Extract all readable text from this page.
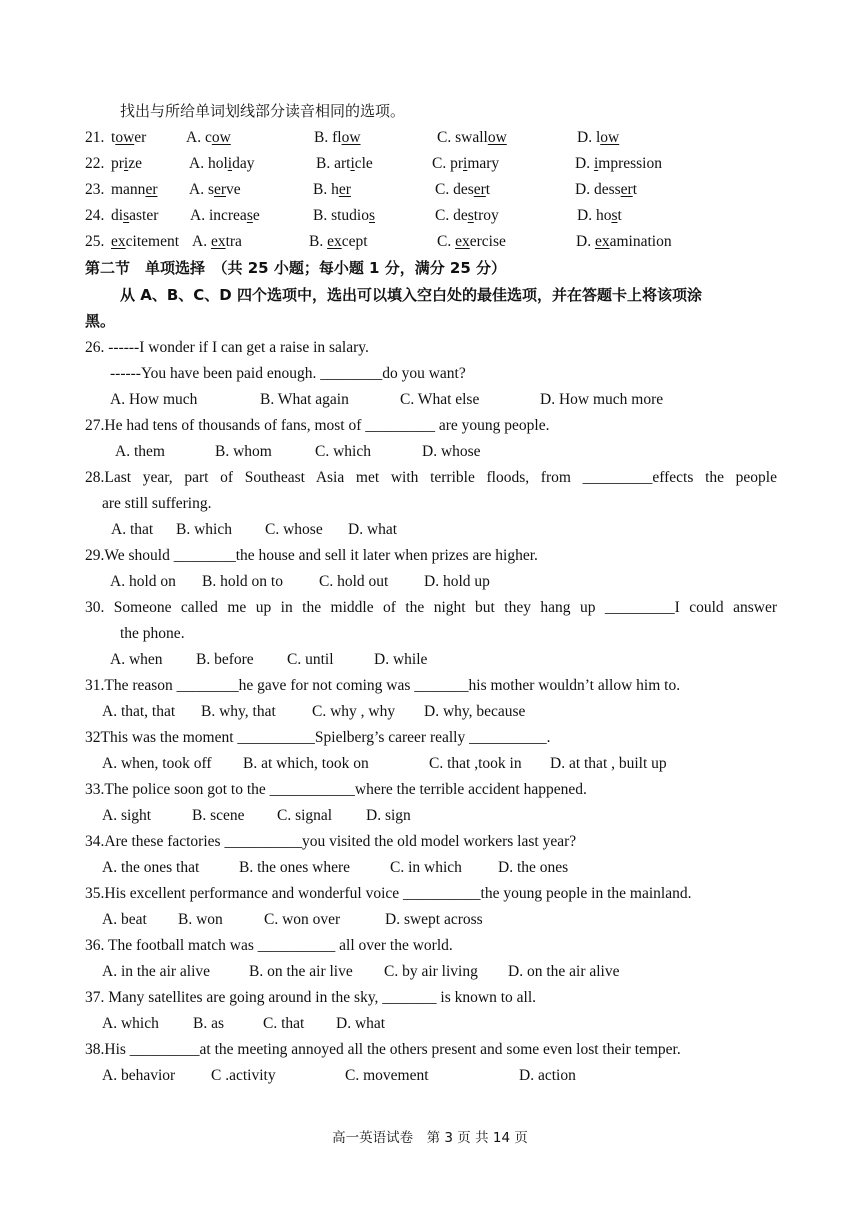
找出与所给单词划线部分读音相同的选项。
21. tower	A. cow	B. flow	C. swallow	D. low
22. prize	A. holiday	B. article	C. primary	D. impression
23. manner A. serve	B. her	C. desert	D. dessert
24. disaster A. increase	B. studios	C. destroy	D. host
25. excitement A. extra	B. except	C. exercise	D. examination
第二节　单项选择　（共 25 小题；每小题 1 分，满分 25 分）
从 A、B、C、D 四个选项中，选出可以填入空白处的最佳选项，并在答题卡上将该项涂
黑。
26. ------I wonder if I can get a raise in salary.
------You have been paid enough. ________do you want?
A. How much	B. What again	C. What else	D. How much more
27.He had tens of thousands of fans, most of _________ are young people.
A. them	B. whom	C. which	D. whose
28.Last year, part of Southeast Asia met with terrible floods, from _________effects the people
are still suffering.
A. that B. which C. whose D. what
29.We should ________the house and sell it later when prizes are higher.
A. hold on B. hold on to C. hold out D. hold up
30. Someone called me up in the middle of the night but they hang up _________I could answer
the phone.
A. when B. before C. until	D. while
31.The reason ________he gave for not coming was _______his mother wouldn’t allow him to.
A. that, that B. why, that C. why , why D. why, because
32This was the moment __________Spielberg’s career really __________.
A. when, took off B. at which, took on	C. that ,took in D. at that , built up
33.The police soon got to the ___________where the terrible accident happened.
A. sight	B. scene C. signal D. sign
34.Are these factories __________you visited the old model workers last year?
A. the ones that	B. the ones where	C. in which D. the ones
35.His excellent performance and wonderful voice __________the young people in the mainland.
A. beat B. won	C. won over	D. swept across
36. The football match was __________ all over the world.
A. in the air alive	B. on the air live C. by air living D. on the air alive
37. Many satellites are going around in the sky, _______ is known to all.
A. which B. as	C. that D. what
38.His _________at the meeting annoyed all the others present and some even lost their temper.
A. behavior C .activity	C. movement	D. action
高一英语试卷　第 3 页 共 14 页
